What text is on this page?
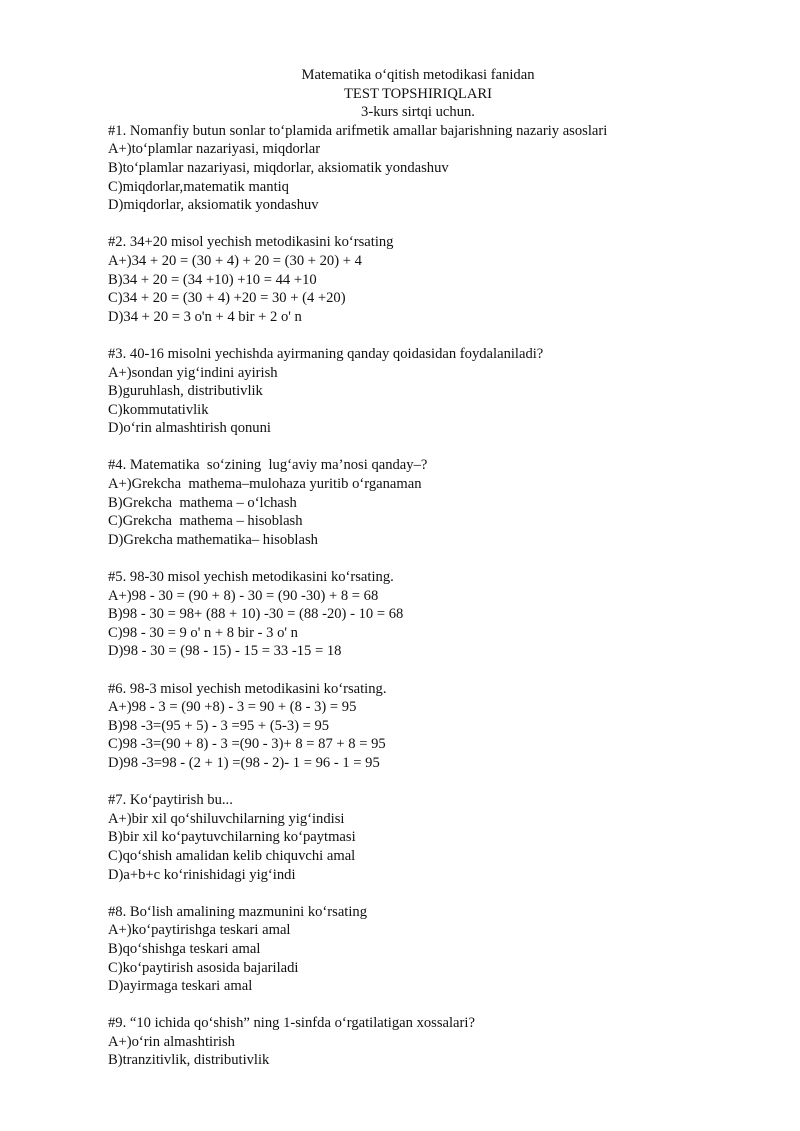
Matematika o‘qitish metodikasi fanidan
TEST TOPSHIRIQLARI
3-kurs sirtqi uchun.
#1. Nomanfiy butun sonlar to‘plamida arifmetik amallar bajarishning nazariy asoslari
A+)to‘plamlar nazariyasi, miqdorlar
B)to‘plamlar nazariyasi, miqdorlar, aksiomatik yondashuv
C)miqdorlar,matematik mantiq
D)miqdorlar, aksiomatik yondashuv
#2. 34+20 misol yechish metodikasini ko‘rsating
A+)34 + 20 = (30 + 4) + 20 = (30 + 20) + 4
B)34 + 20 = (34 +10) +10 = 44 +10
C)34 + 20 = (30 + 4) +20 = 30 + (4 +20)
D)34 + 20 = 3 o'n + 4 bir + 2 o' n
#3. 40-16 misolni yechishda ayirmaning qanday qoidasidan foydalaniladi?
A+)sondan yig‘indini ayirish
B)guruhlash, distributivlik
C)kommutativlik
D)o‘rin almashtirish qonuni
#4. Matematika  so‘zining  lug‘aviy ma’nosi qanday–?
A+)Grekcha  mathema–mulohaza yuritib o‘rganaman
B)Grekcha  mathema – o‘lchash
C)Grekcha  mathema – hisoblash
D)Grekcha mathematika– hisoblash
#5. 98-30 misol yechish metodikasini ko‘rsating.
A+)98 - 30 = (90 + 8) - 30 = (90 -30) + 8 = 68
B)98 - 30 = 98+ (88 + 10) -30 = (88 -20) - 10 = 68
C)98 - 30 = 9 o' n + 8 bir - 3 o' n
D)98 - 30 = (98 - 15) - 15 = 33 -15 = 18
#6. 98-3 misol yechish metodikasini ko‘rsating.
A+)98 - 3 = (90 +8) - 3 = 90 + (8 - 3) = 95
B)98 -3=(95 + 5) - 3 =95 + (5-3) = 95
C)98 -3=(90 + 8) - 3 =(90 - 3)+ 8 = 87 + 8 = 95
D)98 -3=98 - (2 + 1) =(98 - 2)- 1 = 96 - 1 = 95
#7. Ko‘paytirish bu...
A+)bir xil qo‘shiluvchilarning yig‘indisi
B)bir xil ko‘paytuvchilarning ko‘paytmasi
C)qo‘shish amalidan kelib chiquvchi amal
D)a+b+c ko‘rinishidagi yig‘indi
#8. Bo‘lish amalining mazmunini ko‘rsating
A+)ko‘paytirishga teskari amal
B)qo‘shishga teskari amal
C)ko‘paytirish asosida bajariladi
D)ayirmaga teskari amal
#9. “10 ichida qo‘shish” ning 1-sinfda o‘rgatilatigan xossalari?
A+)o‘rin almashtirish
B)tranzitivlik, distributivlik
